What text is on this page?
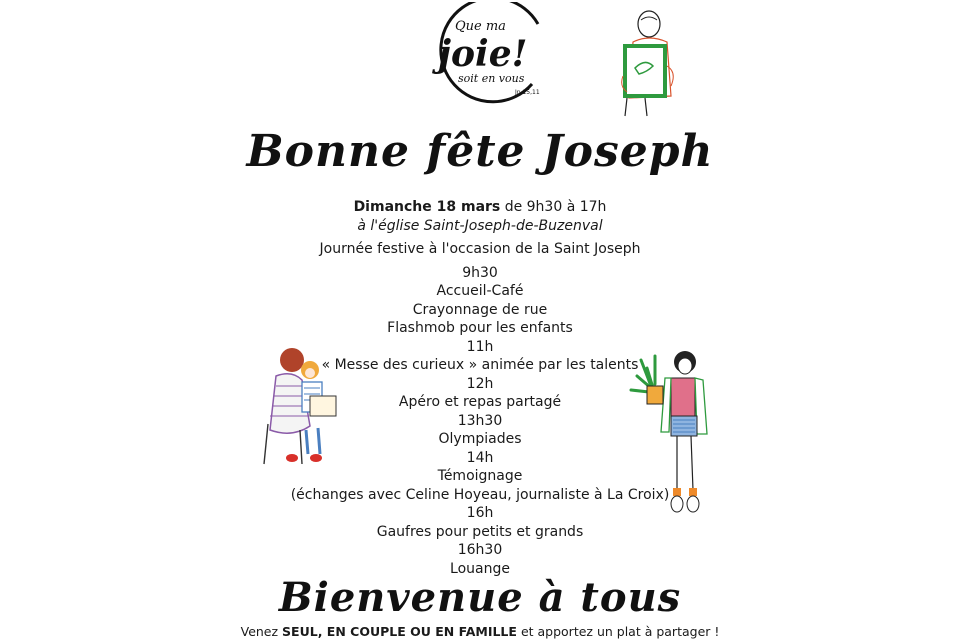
Que ma
joie!
soit en vous
Jn 15,11
Bonne fête Joseph
Dimanche 18 mars de 9h30 à 17h
à l'église Saint-Joseph-de-Buzenval
Journée festive à l'occasion de la Saint Joseph
9h30
Accueil-Café
Crayonnage de rue
Flashmob pour les enfants
11h
« Messe des curieux » animée par les talents
12h
Apéro et repas partagé
13h30
Olympiades
14h
Témoignage
(échanges avec Celine Hoyeau, journaliste à La Croix)
16h
Gaufres pour petits et grands
16h30
Louange
Bienvenue à tous
Venez SEUL, EN COUPLE OU EN FAMILLE et apportez un plat à partager !
